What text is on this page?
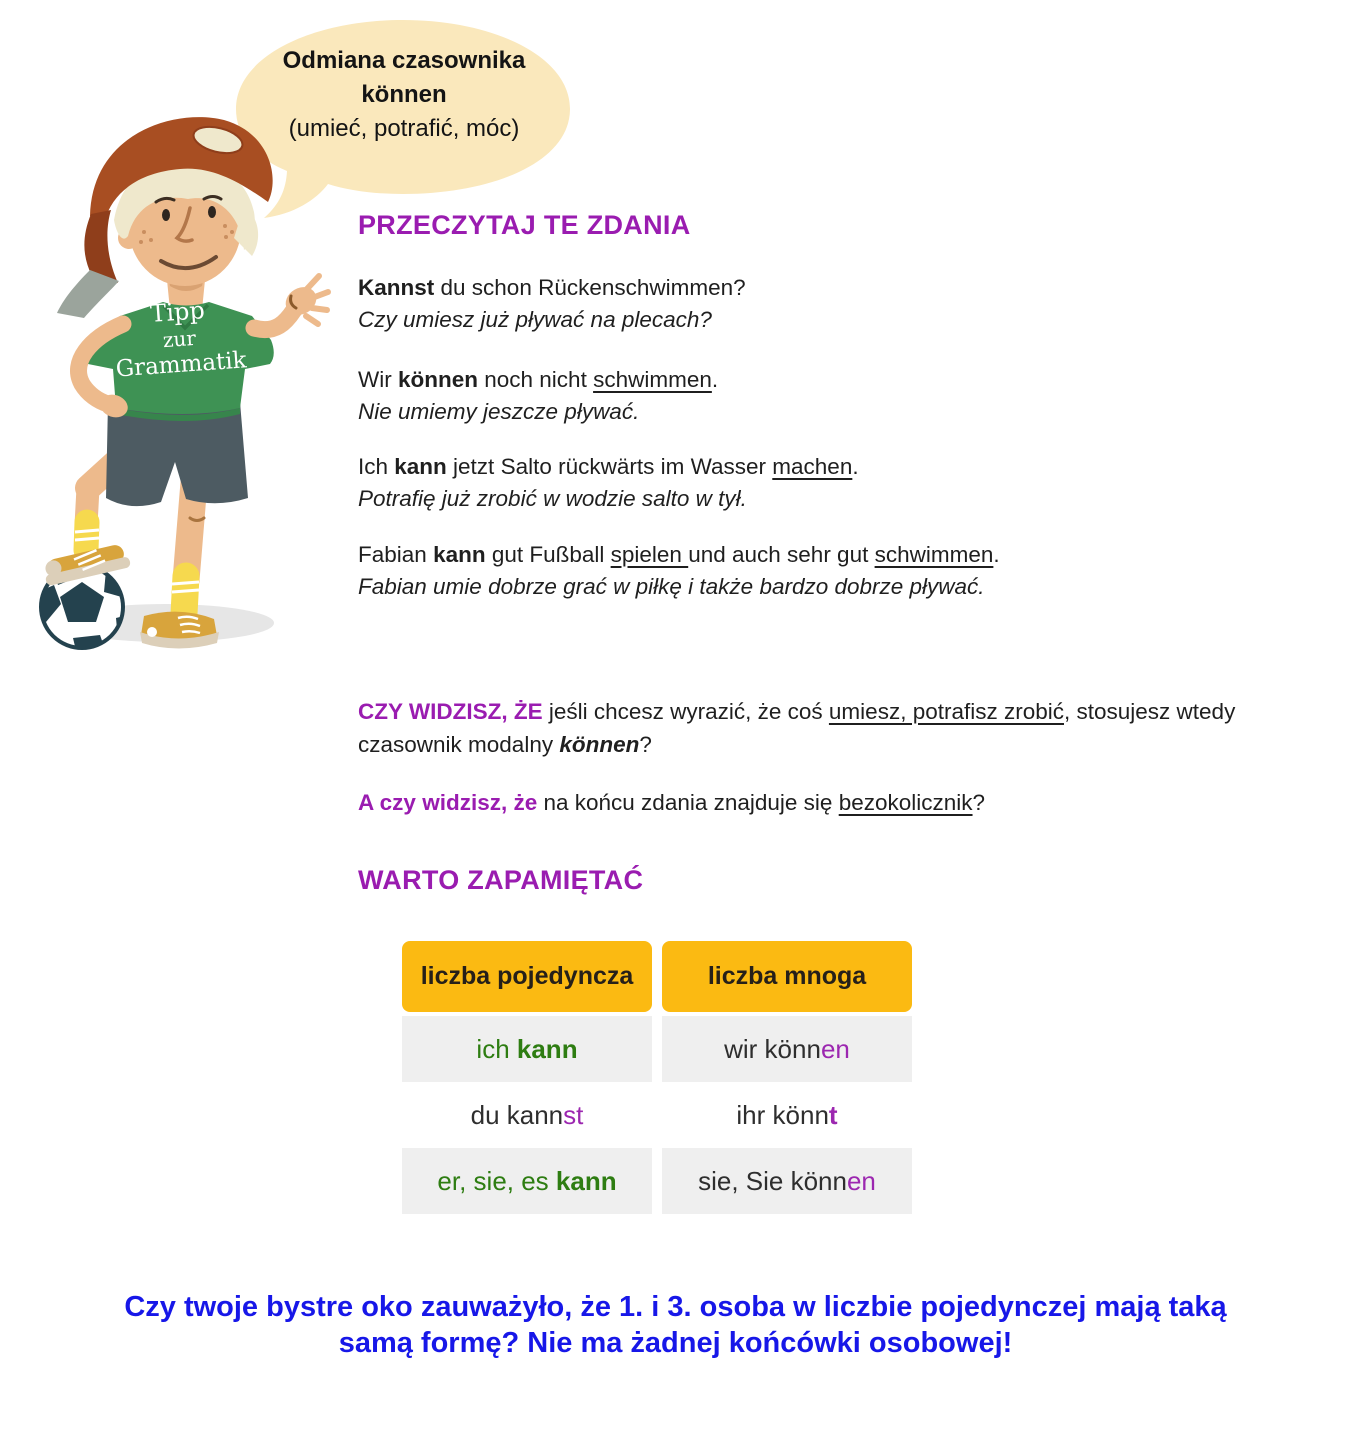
Odmiana czasownika
können
(umieć, potrafić, móc)
Tipp
zur
Grammatik
PRZECZYTAJ TE ZDANIA
Kannst du schon Rückenschwimmen?
Czy umiesz już pływać na plecach?
Wir können noch nicht schwimmen.
Nie umiemy jeszcze pływać.
Ich kann jetzt Salto rückwärts im Wasser machen.
Potrafię już zrobić w wodzie salto w tył.
Fabian kann gut Fußball spielen und auch sehr gut schwimmen.
Fabian umie dobrze grać w piłkę i także bardzo dobrze pływać.
CZY WIDZISZ, ŻE jeśli chcesz wyrazić, że coś umiesz, potrafisz zrobić, stosujesz wtedy
czasownik modalny können?
A czy widzisz, że na końcu zdania znajduje się bezokolicznik?
WARTO ZAPAMIĘTAĆ
liczba pojedyncza
ich kann
du kannst
er, sie, es kann
liczba mnoga
wir können
ihr könnt
sie, Sie können
Czy twoje bystre oko zauważyło, że 1. i 3. osoba w liczbie pojedynczej mają taką
samą formę? Nie ma żadnej końcówki osobowej!
